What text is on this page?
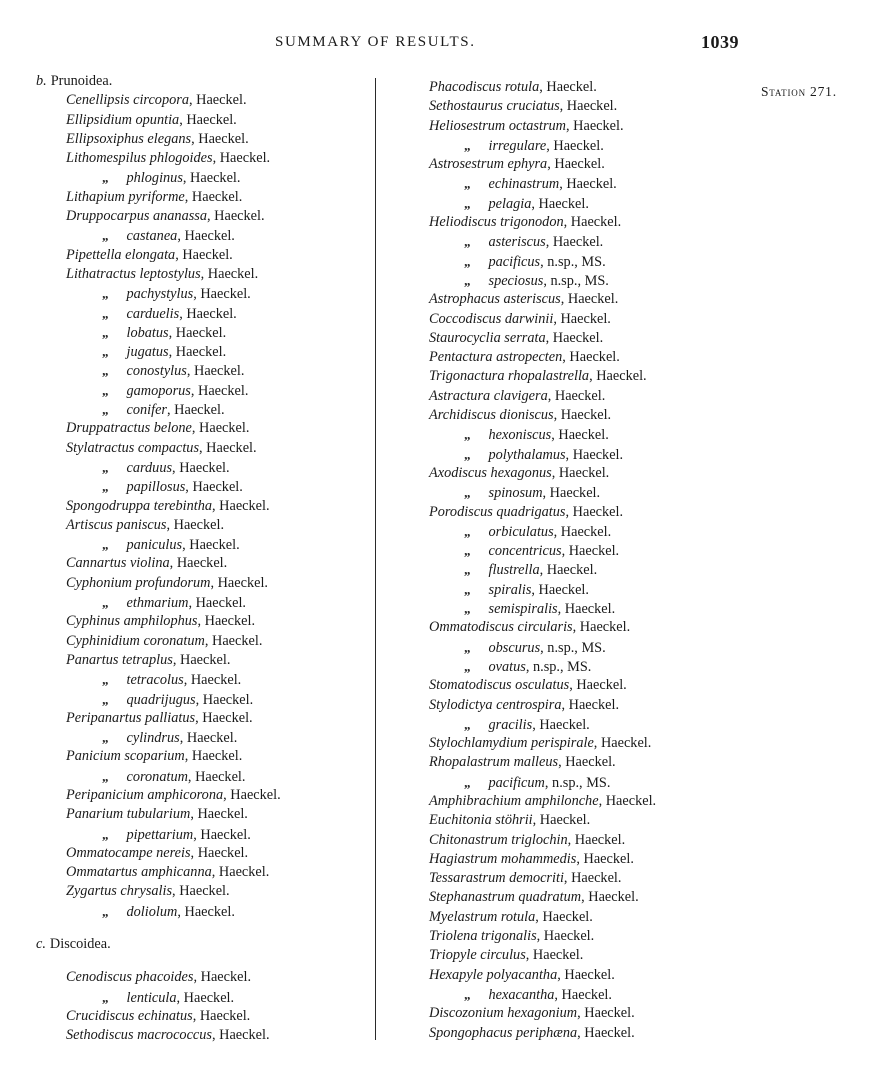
SUMMARY OF RESULTS.	1039
Station 271.
b. Prunoidea.
Cenellipsis circopora, Haeckel.
Ellipsidium opuntia, Haeckel.
Ellipsoxiphus elegans, Haeckel.
Lithomespilus phlogoides, Haeckel.
„ phloginus, Haeckel.
Lithapium pyriforme, Haeckel.
Druppocarpus ananassa, Haeckel.
„ castanea, Haeckel.
Pipettella elongata, Haeckel.
Lithatractus leptostylus, Haeckel.
„ pachystylus, Haeckel.
„ carduelis, Haeckel.
„ lobatus, Haeckel.
„ jugatus, Haeckel.
„ conostylus, Haeckel.
„ gamoporus, Haeckel.
„ conifer, Haeckel.
Druppatractus belone, Haeckel.
Stylatractus compactus, Haeckel.
„ carduus, Haeckel.
„ papillosus, Haeckel.
Spongodruppa terebintha, Haeckel.
Artiscus paniscus, Haeckel.
„ paniculus, Haeckel.
Cannartus violina, Haeckel.
Cyphonium profundorum, Haeckel.
„ ethmarium, Haeckel.
Cyphinus amphilophus, Haeckel.
Cyphinidium coronatum, Haeckel.
Panartus tetraplus, Haeckel.
„ tetracolus, Haeckel.
„ quadrijugus, Haeckel.
Peripanartus palliatus, Haeckel.
„ cylindrus, Haeckel.
Panicium scoparium, Haeckel.
„ coronatum, Haeckel.
Peripanicium amphicorona, Haeckel.
Panarium tubularium, Haeckel.
„ pipettarium, Haeckel.
Ommatocampe nereis, Haeckel.
Ommatartus amphicanna, Haeckel.
Zygartus chrysalis, Haeckel.
„ doliolum, Haeckel.
c. Discoidea.
Cenodiscus phacoides, Haeckel.
„ lenticula, Haeckel.
Crucidiscus echinatus, Haeckel.
Sethodiscus macrococcus, Haeckel.
Phacodiscus rotula, Haeckel.
Sethostaurus cruciatus, Haeckel.
Heliosestrum octastrum, Haeckel.
„ irregulare, Haeckel.
Astrosestrum ephyra, Haeckel.
„ echinastrum, Haeckel.
„ pelagia, Haeckel.
Heliodiscus trigonodon, Haeckel.
„ asteriscus, Haeckel.
„ pacificus, n.sp., MS.
„ speciosus, n.sp., MS.
Astrophacus asteriscus, Haeckel.
Coccodiscus darwinii, Haeckel.
Staurocyclia serrata, Haeckel.
Pentactura astropecten, Haeckel.
Trigonactura rhopalastrella, Haeckel.
Astractura clavigera, Haeckel.
Archidiscus dioniscus, Haeckel.
„ hexoniscus, Haeckel.
„ polythalamus, Haeckel.
Axodiscus hexagonus, Haeckel.
„ spinosum, Haeckel.
Porodiscus quadrigatus, Haeckel.
„ orbiculatus, Haeckel.
„ concentricus, Haeckel.
„ flustrella, Haeckel.
„ spiralis, Haeckel.
„ semispiralis, Haeckel.
Ommatodiscus circularis, Haeckel.
„ obscurus, n.sp., MS.
„ ovatus, n.sp., MS.
Stomatodiscus osculatus, Haeckel.
Stylodictya centrospira, Haeckel.
„ gracilis, Haeckel.
Stylochlamydium perispirale, Haeckel.
Rhopalastrum malleus, Haeckel.
„ pacificum, n.sp., MS.
Amphibrachium amphilonche, Haeckel.
Euchitonia stöhrii, Haeckel.
Chitonastrum triglochin, Haeckel.
Hagiastrum mohammedis, Haeckel.
Tessarastrum democriti, Haeckel.
Stephanastrum quadratum, Haeckel.
Myelastrum rotula, Haeckel.
Triolena trigonalis, Haeckel.
Triopyle circulus, Haeckel.
Hexapyle polyacantha, Haeckel.
„ hexacantha, Haeckel.
Discozonium hexagonium, Haeckel.
Spongophacus periphæna, Haeckel.
